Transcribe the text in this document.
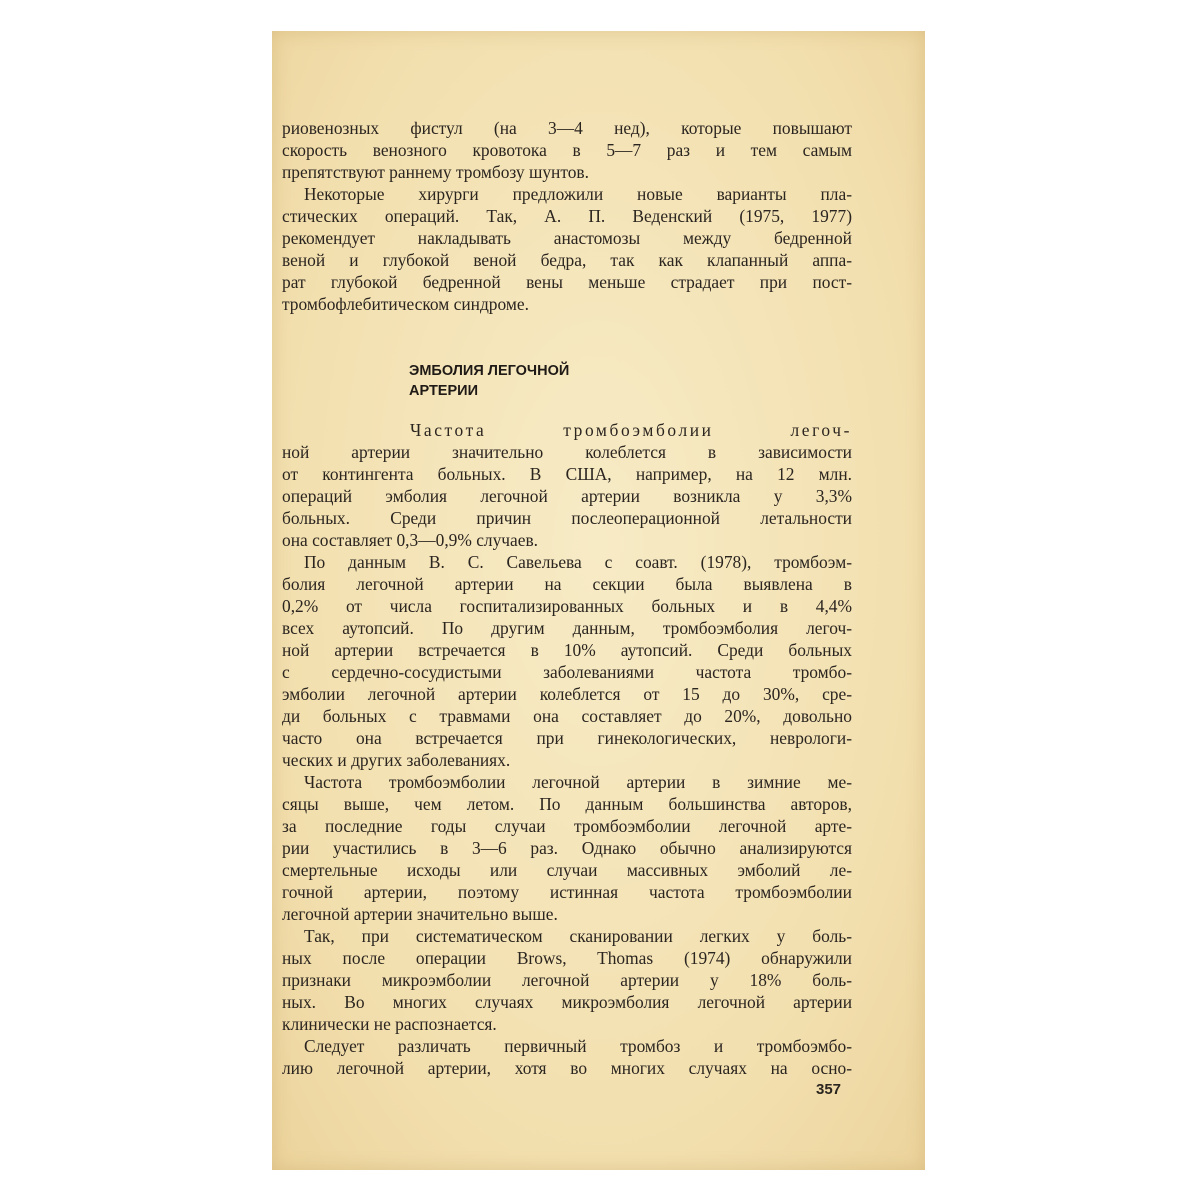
риовенозных фистул (на 3—4 нед), которые повышают
скорость венозного кровотока в 5—7 раз и тем самым
препятствуют раннему тромбозу шунтов.
Некоторые хирурги предложили новые варианты пла-
стических операций. Так, А. П. Веденский (1975, 1977)
рекомендует накладывать анастомозы между бедренной
веной и глубокой веной бедра, так как клапанный аппа-
рат глубокой бедренной вены меньше страдает при пост-
тромбофлебитическом синдроме.
ЭМБОЛИЯ ЛЕГОЧНОЙ
АРТЕРИИ
Частота тромбоэмболии легоч-
ной артерии значительно колеблется в зависимости
от контингента больных. В США, например, на 12 млн.
операций эмболия легочной артерии возникла у 3,3%
больных. Среди причин послеоперационной летальности
она составляет 0,3—0,9% случаев.
По данным В. С. Савельева с соавт. (1978), тромбоэм-
болия легочной артерии на секции была выявлена в
0,2% от числа госпитализированных больных и в 4,4%
всех аутопсий. По другим данным, тромбоэмболия легоч-
ной артерии встречается в 10% аутопсий. Среди больных
с сердечно-сосудистыми заболеваниями частота тромбо-
эмболии легочной артерии колеблется от 15 до 30%, сре-
ди больных с травмами она составляет до 20%, довольно
часто она встречается при гинекологических, неврологи-
ческих и других заболеваниях.
Частота тромбоэмболии легочной артерии в зимние ме-
сяцы выше, чем летом. По данным большинства авторов,
за последние годы случаи тромбоэмболии легочной арте-
рии участились в 3—6 раз. Однако обычно анализируются
смертельные исходы или случаи массивных эмболий ле-
гочной артерии, поэтому истинная частота тромбоэмболии
легочной артерии значительно выше.
Так, при систематическом сканировании легких у боль-
ных после операции Brows, Thomas (1974) обнаружили
признаки микроэмболии легочной артерии у 18% боль-
ных. Во многих случаях микроэмболия легочной артерии
клинически не распознается.
Следует различать первичный тромбоз и тромбоэмбо-
лию легочной артерии, хотя во многих случаях на осно-
357
